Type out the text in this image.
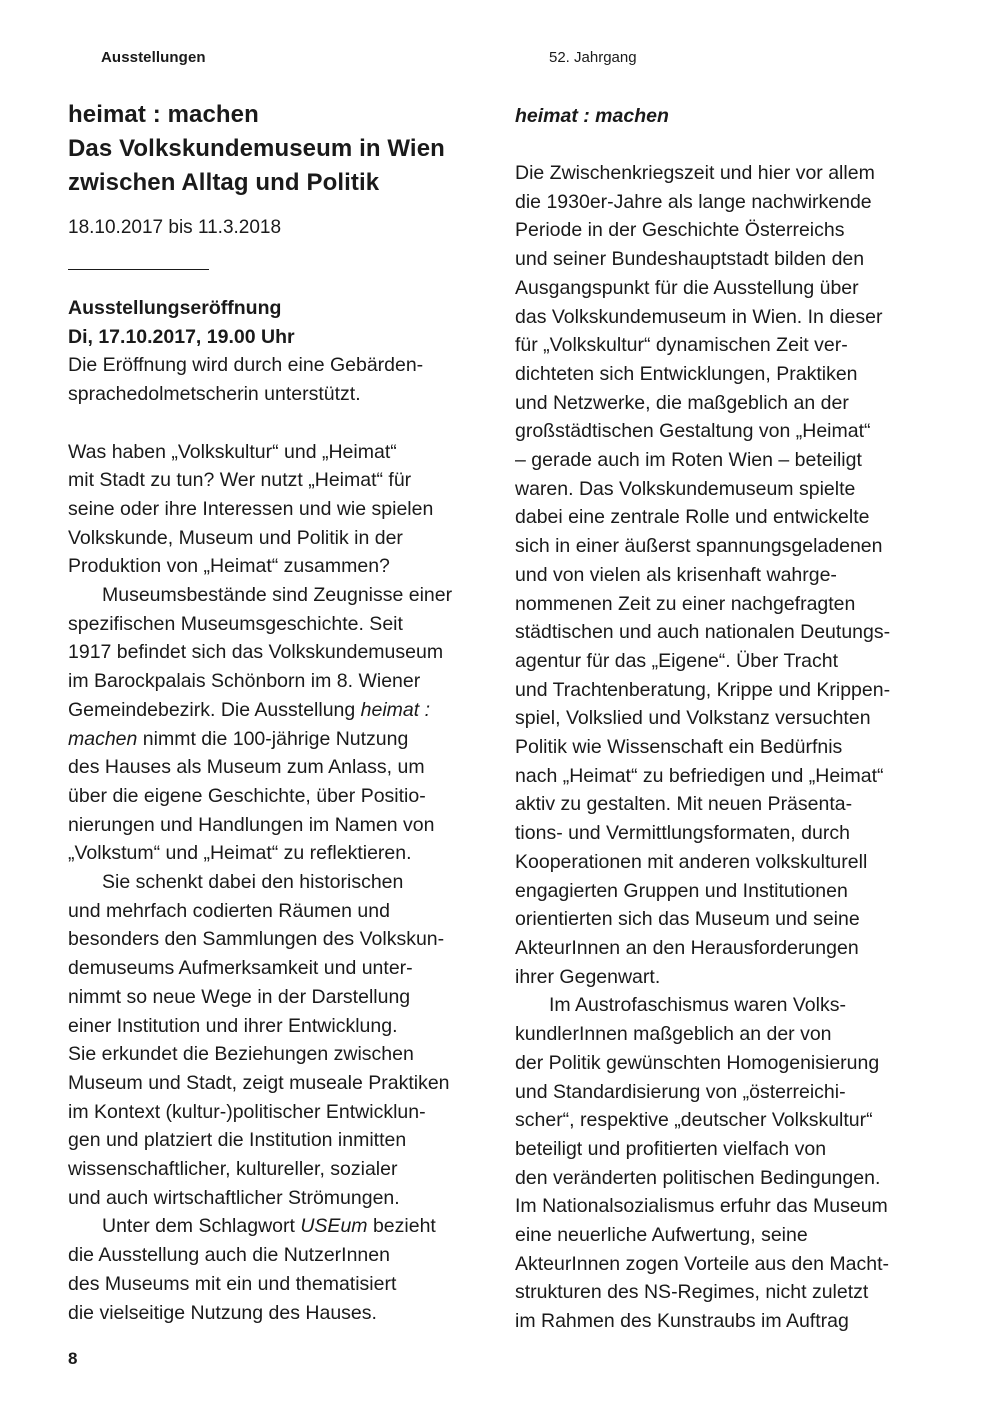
Ausstellungen	52. Jahrgang
heimat : machen
Das Volkskundemuseum in Wien
zwischen Alltag und Politik
18.10.2017 bis 11.3.2018
Ausstellungseröffnung
Di, 17.10.2017, 19.00 Uhr
Die Eröffnung wird durch eine Gebärden-
sprachedolmetscherin unterstützt.
Was haben „Volkskultur“ und „Heimat“
mit Stadt zu tun? Wer nutzt „Heimat“ für
seine oder ihre Interessen und wie spielen
Volkskunde, Museum und Politik in der
Produktion von „Heimat“ zusammen?
Museumsbestände sind Zeugnisse einer
spezifischen Museumsgeschichte. Seit
1917 befindet sich das Volkskundemuseum
im Barockpalais Schönborn im 8. Wiener
Gemeindebezirk. Die Ausstellung heimat :
machen nimmt die 100-jährige Nutzung
des Hauses als Museum zum Anlass, um
über die eigene Geschichte, über Positio-
nierungen und Handlungen im Namen von
„Volkstum“ und „Heimat“ zu reflektieren.
Sie schenkt dabei den historischen
und mehrfach codierten Räumen und
besonders den Sammlungen des Volkskun-
demuseums Aufmerksamkeit und unter-
nimmt so neue Wege in der Darstellung
einer Institution und ihrer Entwicklung.
Sie erkundet die Beziehungen zwischen
Museum und Stadt, zeigt museale Praktiken
im Kontext (kultur-)politischer Entwicklun-
gen und platziert die Institution inmitten
wissenschaftlicher, kultureller, sozialer
und auch wirtschaftlicher Strömungen.
Unter dem Schlagwort USEum bezieht
die Ausstellung auch die NutzerInnen
des Museums mit ein und thematisiert
die vielseitige Nutzung des Hauses.
heimat : machen
Die Zwischenkriegszeit und hier vor allem
die 1930er-Jahre als lange nachwirkende
Periode in der Geschichte Österreichs
und seiner Bundeshauptstadt bilden den
Ausgangspunkt für die Ausstellung über
das Volkskundemuseum in Wien. In dieser
für „Volkskultur“ dynamischen Zeit ver-
dichteten sich Entwicklungen, Praktiken
und Netzwerke, die maßgeblich an der
großstädtischen Gestaltung von „Heimat“
– gerade auch im Roten Wien – beteiligt
waren. Das Volkskundemuseum spielte
dabei eine zentrale Rolle und entwickelte
sich in einer äußerst spannungsgeladenen
und von vielen als krisenhaft wahrge-
nommenen Zeit zu einer nachgefragten
städtischen und auch nationalen Deutungs-
agentur für das „Eigene“. Über Tracht
und Trachtenberatung, Krippe und Krippen-
spiel, Volkslied und Volkstanz versuchten
Politik wie Wissenschaft ein Bedürfnis
nach „Heimat“ zu befriedigen und „Heimat“
aktiv zu gestalten. Mit neuen Präsenta-
tions- und Vermittlungsformaten, durch
Kooperationen mit anderen volkskulturell
engagierten Gruppen und Institutionen
orientierten sich das Museum und seine
AkteurInnen an den Herausforderungen
ihrer Gegenwart.
Im Austrofaschismus waren Volks-
kundlerInnen maßgeblich an der von
der Politik gewünschten Homogenisierung
und Standardisierung von „österreichi-
scher“, respektive „deutscher Volkskultur“
beteiligt und profitierten vielfach von
den veränderten politischen Bedingungen.
Im Nationalsozialismus erfuhr das Museum
eine neuerliche Aufwertung, seine
AkteurInnen zogen Vorteile aus den Macht-
strukturen des NS-Regimes, nicht zuletzt
im Rahmen des Kunstraubs im Auftrag
8
